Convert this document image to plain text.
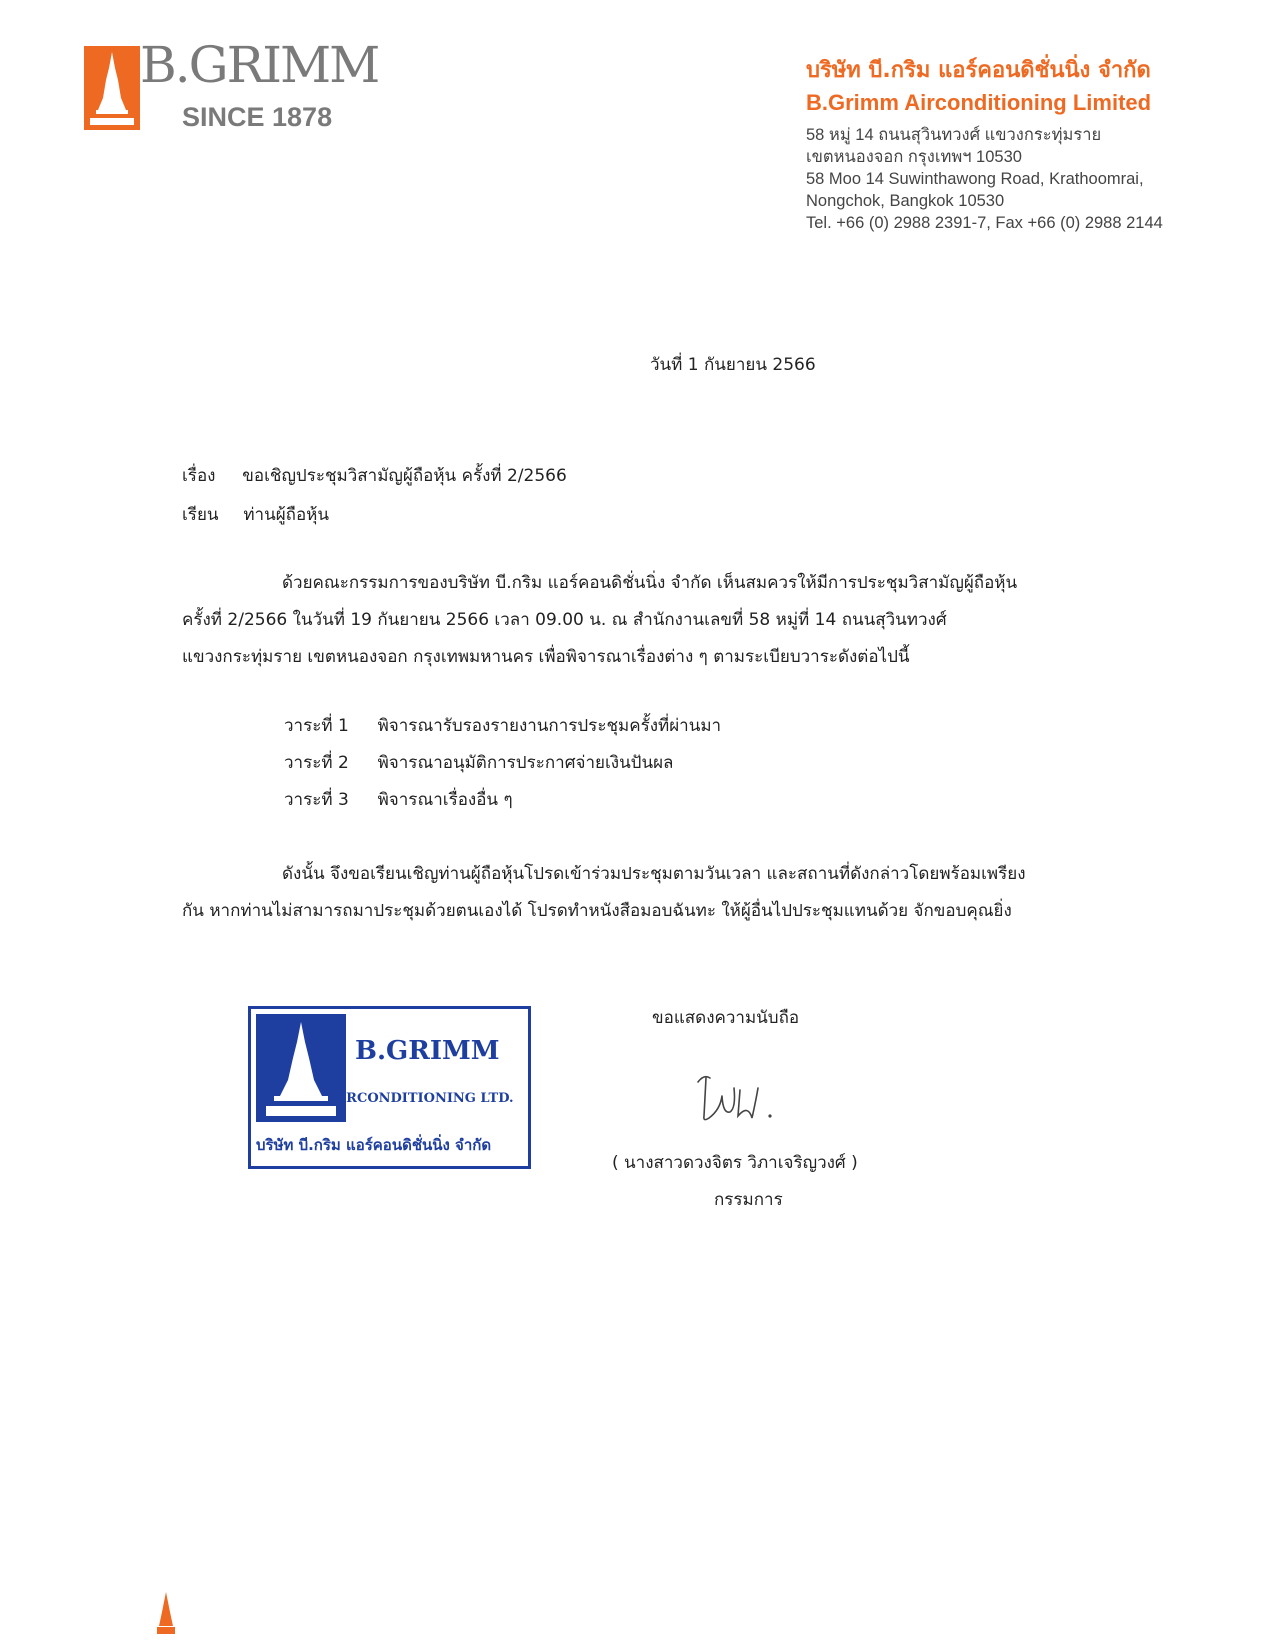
B.GRIMM
SINCE 1878
บริษัท บี.กริม แอร์คอนดิชั่นนิ่ง จำกัด
B.Grimm Airconditioning Limited
58 หมู่ 14 ถนนสุวินทวงศ์ แขวงกระทุ่มราย
เขตหนองจอก กรุงเทพฯ 10530
58 Moo 14 Suwinthawong Road, Krathoomrai,
Nongchok, Bangkok 10530
Tel. +66 (0) 2988 2391-7, Fax +66 (0) 2988 2144
วันที่ 1 กันยายน 2566
เรื่อง ขอเชิญประชุมวิสามัญผู้ถือหุ้น ครั้งที่ 2/2566
เรียน ท่านผู้ถือหุ้น
ด้วยคณะกรรมการของบริษัท บี.กริม แอร์คอนดิชั่นนิ่ง จำกัด เห็นสมควรให้มีการประชุมวิสามัญผู้ถือหุ้น
ครั้งที่ 2/2566 ในวันที่ 19 กันยายน 2566 เวลา 09.00 น. ณ สำนักงานเลขที่ 58 หมู่ที่ 14 ถนนสุวินทวงศ์
แขวงกระทุ่มราย เขตหนองจอก กรุงเทพมหานคร เพื่อพิจารณาเรื่องต่าง ๆ ตามระเบียบวาระดังต่อไปนี้
วาระที่ 1 พิจารณารับรองรายงานการประชุมครั้งที่ผ่านมา
วาระที่ 2 พิจารณาอนุมัติการประกาศจ่ายเงินปันผล
วาระที่ 3 พิจารณาเรื่องอื่น ๆ
ดังนั้น จึงขอเรียนเชิญท่านผู้ถือหุ้นโปรดเข้าร่วมประชุมตามวันเวลา และสถานที่ดังกล่าวโดยพร้อมเพรียง
กัน หากท่านไม่สามารถมาประชุมด้วยตนเองได้ โปรดทำหนังสือมอบฉันทะ ให้ผู้อื่นไปประชุมแทนด้วย จักขอบคุณยิ่ง
B.GRIMM
AIRCONDITIONING LTD.
บริษัท บี.กริม แอร์คอนดิชั่นนิ่ง จำกัด
ขอแสดงความนับถือ
( นางสาวดวงจิตร วิภาเจริญวงศ์ )
กรรมการ
